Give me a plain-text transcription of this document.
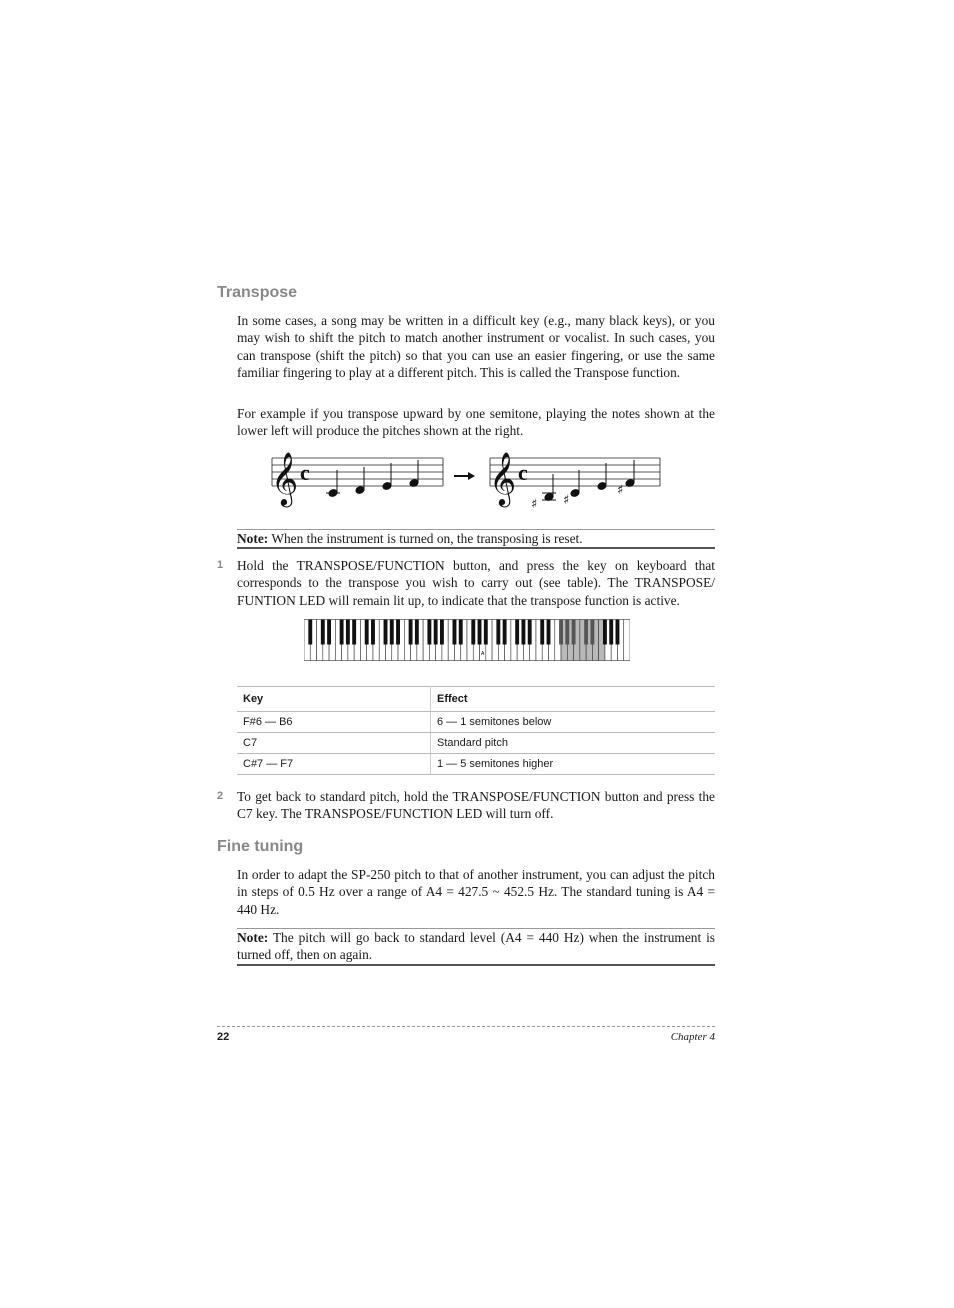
Transpose

In some cases, a song may be written in a difficult key (e.g., many black keys), or you may wish to shift the pitch to match another instrument or vocalist. In such cases, you can transpose (shift the pitch) so that you can use an easier fingering, or use the same familiar fingering to play at a different pitch. This is called the Transpose function.

For example if you transpose upward by one semitone, playing the notes shown at the lower left will produce the pitches shown at the right.

𝄞 c	𝄞 c
♯ ♯
♯
Note: When the instrument is turned on, the transposing is reset.
1 Hold the TRANSPOSE/FUNCTION button, and press the key on keyboard that corresponds to the transpose you wish to carry out (see table). The TRANSPOSE/ FUNTION LED will remain lit up, to indicate that the transpose function is active.

A
Key	Effect
F#6 — B6	6 — 1 semitones below
C7	Standard pitch
C#7 — F7	1 — 5 semitones higher
2 To get back to standard pitch, hold the TRANSPOSE/FUNCTION button and press the C7 key. The TRANSPOSE/FUNCTION LED will turn off.

Fine tuning

In order to adapt the SP-250 pitch to that of another instrument, you can adjust the pitch in steps of 0.5 Hz over a range of A4 = 427.5 ~ 452.5 Hz. The standard tuning is A4 = 440 Hz.

Note: The pitch will go back to standard level (A4 = 440 Hz) when the instrument is turned off, then on again.
22	Chapter 4
